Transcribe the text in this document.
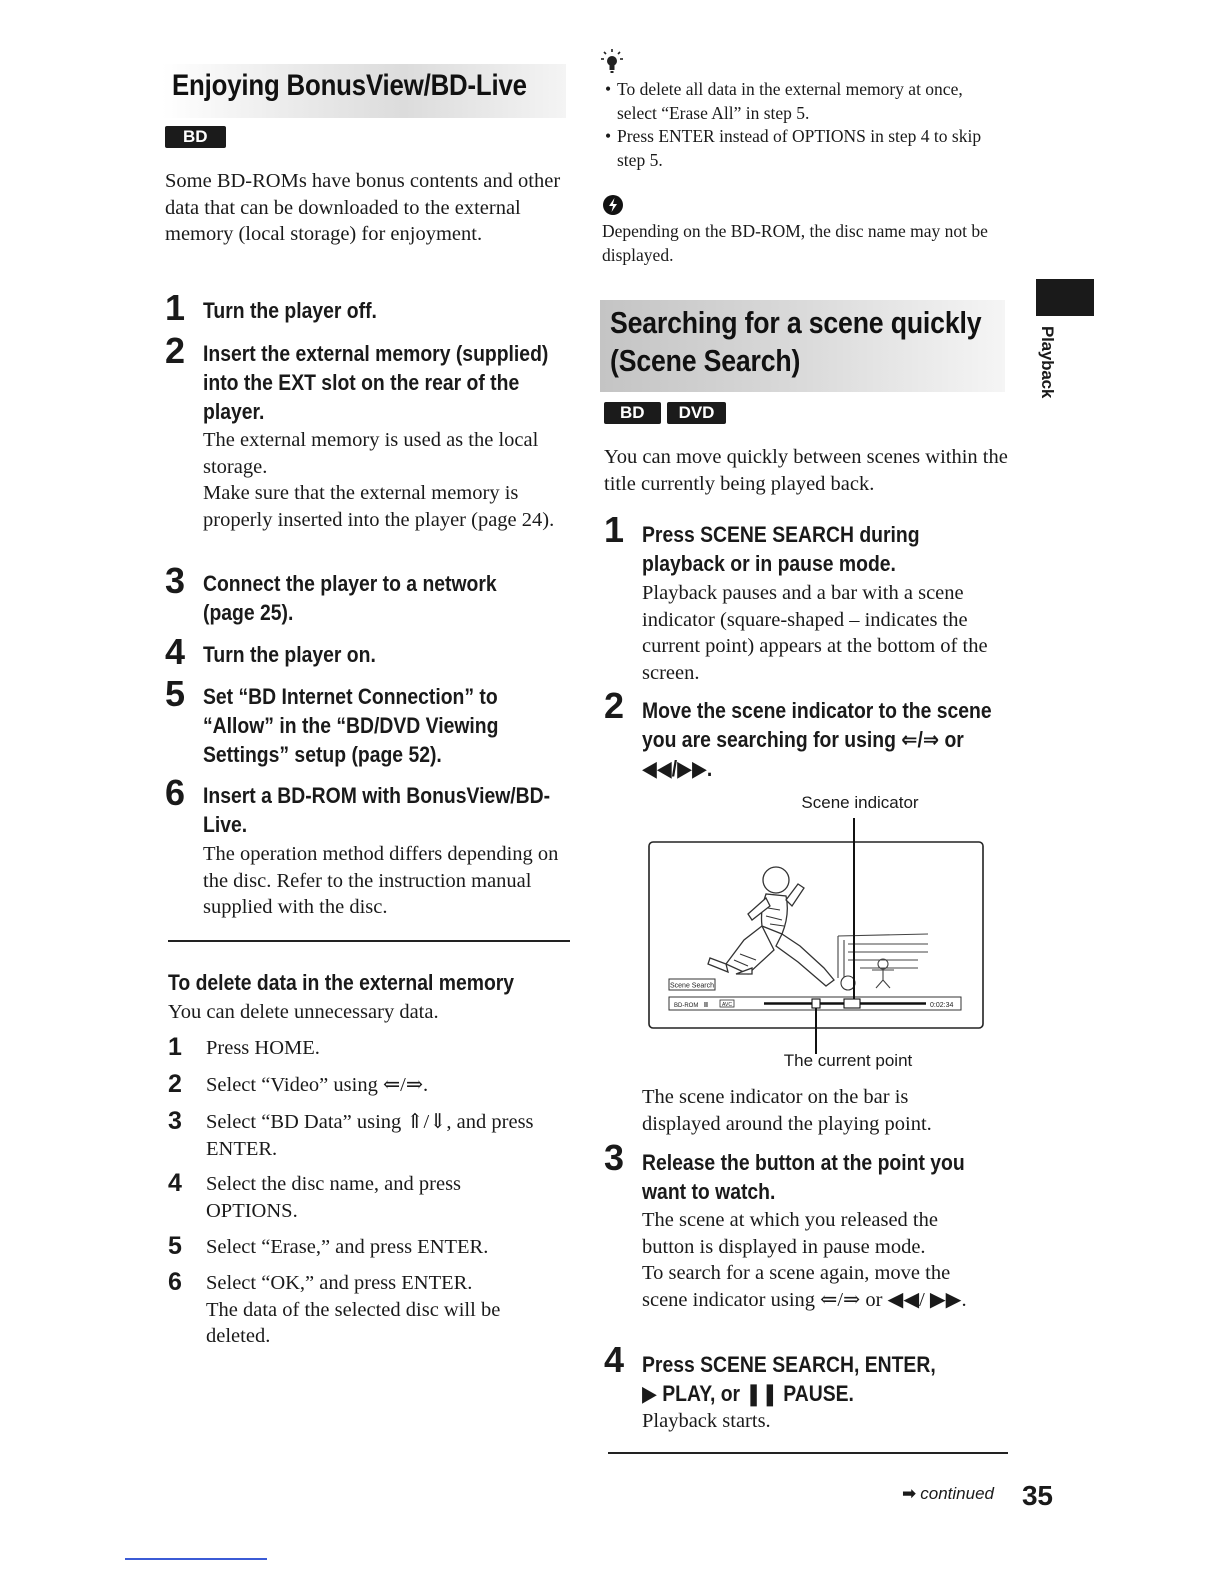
Enjoying BonusView/BD-Live
BD
Some BD-ROMs have bonus contents and other data that can be downloaded to the external memory (local storage) for enjoyment.
1 Turn the player off.
2 Insert the external memory (supplied) into the EXT slot on the rear of the player.
The external memory is used as the local storage.
Make sure that the external memory is properly inserted into the player (page 24).
3 Connect the player to a network (page 25).
4 Turn the player on.
5 Set “BD Internet Connection” to “Allow” in the “BD/DVD Viewing Settings” setup (page 52).
6 Insert a BD-ROM with BonusView/BD-Live.
The operation method differs depending on the disc. Refer to the instruction manual supplied with the disc.
To delete data in the external memory
You can delete unnecessary data.
1 Press HOME.
2 Select “Video” using ⇐/⇒.
3 Select “BD Data” using ⇑/⇓, and press ENTER.
4 Select the disc name, and press OPTIONS.
5 Select “Erase,” and press ENTER.
6 Select “OK,” and press ENTER.
The data of the selected disc will be deleted.
• To delete all data in the external memory at once, select “Erase All” in step 5.
• Press ENTER instead of OPTIONS in step 4 to skip step 5.
Depending on the BD-ROM, the disc name may not be displayed.
Searching for a scene quickly
(Scene Search)
BD DVD
You can move quickly between scenes within the title currently being played back.
1 Press SCENE SEARCH during playback or in pause mode.
Playback pauses and a bar with a scene indicator (square-shaped – indicates the current point) appears at the bottom of the screen.
2 Move the scene indicator to the scene you are searching for using ⇐/⇒ or ◀◀/▶▶.
Scene indicator
Scene Search
BD-ROM II	AVC	0:02:34
The current point
The scene indicator on the bar is displayed around the playing point.
3 Release the button at the point you want to watch.
The scene at which you released the button is displayed in pause mode.
To search for a scene again, move the scene indicator using ⇐/⇒ or ◀◀/ ▶▶.
4 Press SCENE SEARCH, ENTER, ▶ PLAY, or ❚❚ PAUSE.
Playback starts.
Playback
➡ continued	35
